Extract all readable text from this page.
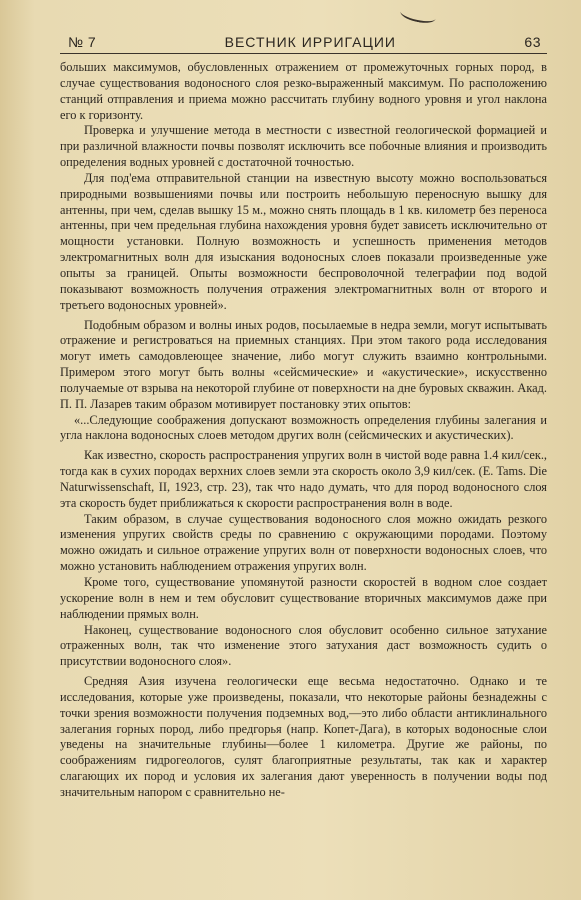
№ 7	ВЕСТНИК ИРРИГАЦИИ	63

больших максимумов, обусловленных отражением от промежуточных горных пород, в случае существования водоносного слоя резко-выраженный максимум. По расположению станций отправления и приема можно рассчитать глубину водного уровня и угол наклона его к горизонту.

Проверка и улучшение метода в местности с известной геологической формацией и при различной влажности почвы позволят исключить все побочные влияния и производить определения водных уровней с достаточной точностью.

Для под'ема отправительной станции на известную высоту можно воспользоваться природными возвышениями почвы или построить небольшую переносную вышку для антенны, при чем, сделав вышку 15 м., можно снять площадь в 1 кв. километр без переноса антенны, при чем предельная глубина нахождения уровня будет зависеть исключительно от мощности установки. Полную возможность и успешность применения методов электромагнитных волн для изыскания водоносных слоев показали произведенные уже опыты за границей. Опыты возможности беспроволочной телеграфии под водой показывают возможность получения отражения электромагнитных волн от второго и третьего водоносных уровней».

Подобным образом и волны иных родов, посылаемые в недра земли, могут испытывать отражение и регистроваться на приемных станциях. При этом такого рода исследования могут иметь самодовлеющее значение, либо могут служить взаимно контрольными. Примером этого могут быть волны «сейсмические» и «акустические», искусственно получаемые от взрыва на некоторой глубине от поверхности на дне буровых скважин. Акад. П. П. Лазарев таким образом мотивирует постановку этих опытов:

«...Следующие соображения допускают возможность определения глубины залегания и угла наклона водоносных слоев методом других волн (сейсмических и акустических).

Как известно, скорость распространения упругих волн в чистой воде равна 1.4 кил/сек., тогда как в сухих породах верхних слоев земли эта скорость около 3,9 кил/сек. (E. Tams. Die Naturwissenschaft, II, 1923, стр. 23), так что надо думать, что для пород водоносного слоя эта скорость будет приближаться к скорости распространения волн в воде.

Таким образом, в случае существования водоносного слоя можно ожидать резкого изменения упругих свойств среды по сравнению с окружающими породами. Поэтому можно ожидать и сильное отражение упругих волн от поверхности водоносных слоев, что можно установить наблюдением отражения упругих волн.

Кроме того, существование упомянутой разности скоростей в водном слое создает ускорение волн в нем и тем обусловит существование вторичных максимумов даже при наблюдении прямых волн.

Наконец, существование водоносного слоя обусловит особенно сильное затухание отраженных волн, так что изменение этого затухания даст возможность судить о присутствии водоносного слоя».

Средняя Азия изучена геологически еще весьма недостаточно. Однако и те исследования, которые уже произведены, показали, что некоторые районы безнадежны с точки зрения возможности получения подземных вод,—это либо области антиклинального залегания горных пород, либо предгорья (напр. Копет-Дага), в которых водоносные слои уведены на значительные глубины—более 1 километра. Другие же районы, по соображениям гидрогеологов, сулят благоприятные результаты, так как и характер слагающих их пород и условия их залегания дают уверенность в получении воды под значительным напором с сравнительно не-
